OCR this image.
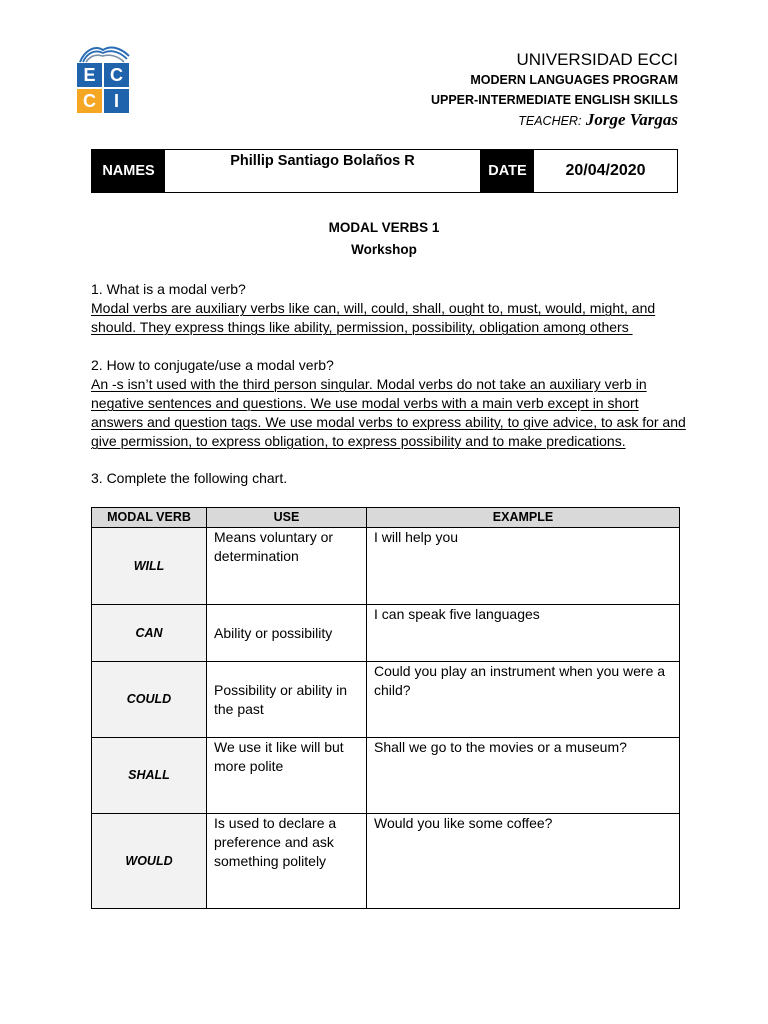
E C
C I
UNIVERSIDAD ECCI
MODERN LANGUAGES PROGRAM
UPPER-INTERMEDIATE ENGLISH SKILLS
TEACHER: Jorge Vargas
NAMES
Phillip Santiago Bolaños R
DATE	20/04/2020
MODAL VERBS 1
Workshop
1. What is a modal verb?
Modal verbs are auxiliary verbs like can, will, could, shall, ought to, must, would, might, and
should. They express things like ability, permission, possibility, obligation among others
2. How to conjugate/use a modal verb?
An -s isn’t used with the third person singular. Modal verbs do not take an auxiliary verb in
negative sentences and questions. We use modal verbs with a main verb except in short
answers and question tags. We use modal verbs to express ability, to give advice, to ask for and
give permission, to express obligation, to express possibility and to make predications.
3. Complete the following chart.
MODAL VERB	USE	EXAMPLE
WILL	Means voluntary or determination	I will help you
CAN	Ability or possibility	I can speak five languages
COULD	Possibility or ability in the past	Could you play an instrument when you were a child?
SHALL	We use it like will but more polite	Shall we go to the movies or a museum?
WOULD	Is used to declare a preference and ask something politely	Would you like some coffee?
